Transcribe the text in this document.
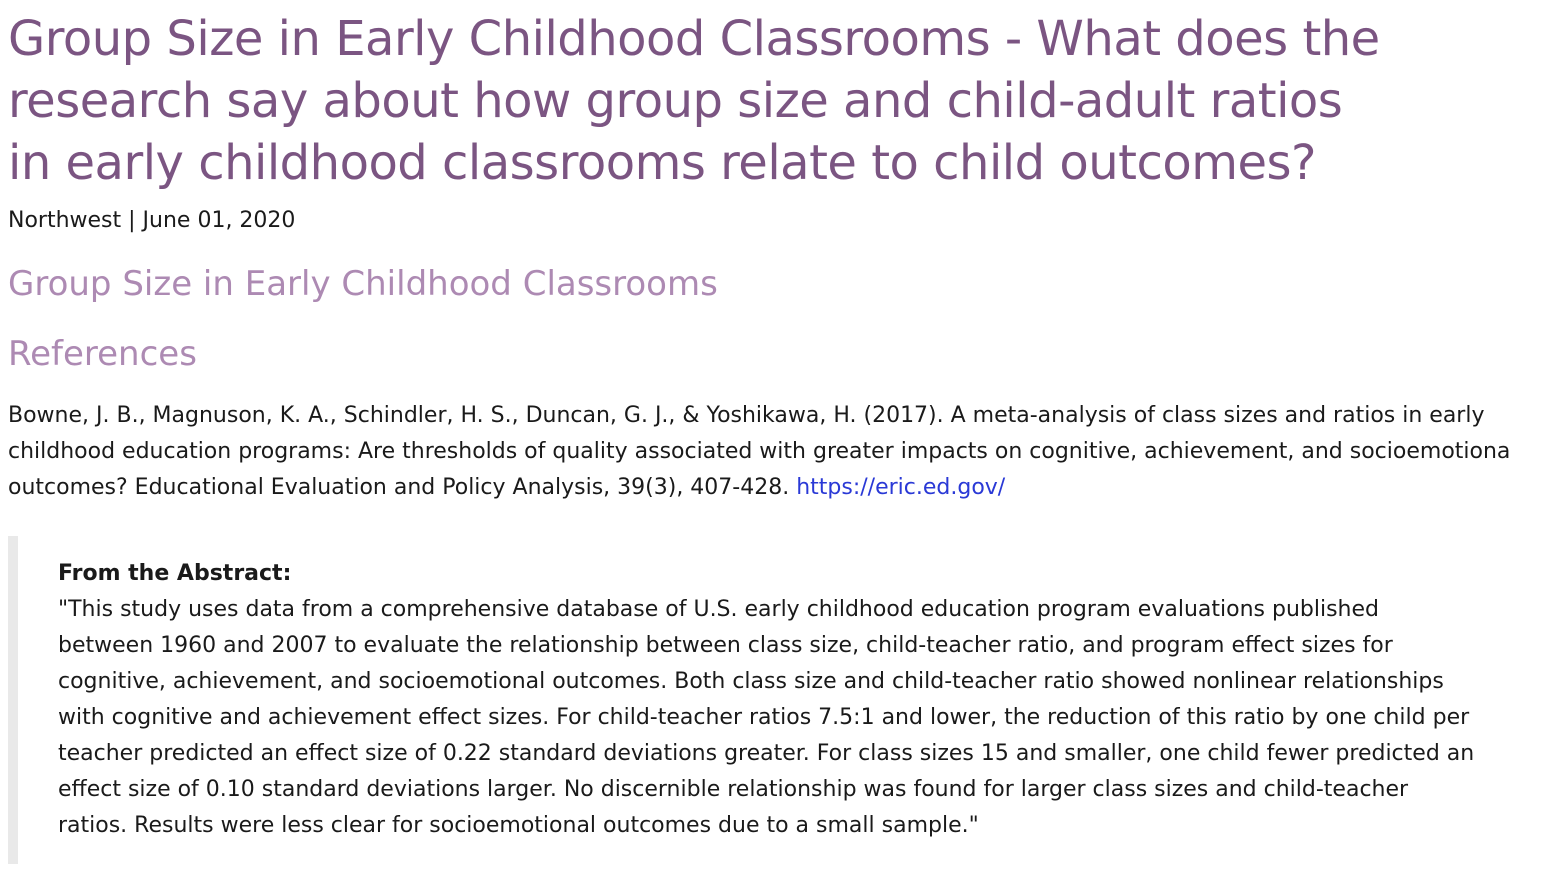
Group Size in Early Childhood Classrooms - What does the
research say about how group size and child-adult ratios
in early childhood classrooms relate to child outcomes?
Northwest | June 01, 2020
Group Size in Early Childhood Classrooms
References

Bowne, J. B., Magnuson, K. A., Schindler, H. S., Duncan, G. J., & Yoshikawa, H. (2017). A meta-analysis of class sizes and ratios in early
childhood education programs: Are thresholds of quality associated with greater impacts on cognitive, achievement, and socioemotiona
outcomes? Educational Evaluation and Policy Analysis, 39(3), 407-428. https://eric.ed.gov/

From the Abstract:
"This study uses data from a comprehensive database of U.S. early childhood education program evaluations published
between 1960 and 2007 to evaluate the relationship between class size, child-teacher ratio, and program effect sizes for
cognitive, achievement, and socioemotional outcomes. Both class size and child-teacher ratio showed nonlinear relationships
with cognitive and achievement effect sizes. For child-teacher ratios 7.5:1 and lower, the reduction of this ratio by one child per
teacher predicted an effect size of 0.22 standard deviations greater. For class sizes 15 and smaller, one child fewer predicted an
effect size of 0.10 standard deviations larger. No discernible relationship was found for larger class sizes and child-teacher
ratios. Results were less clear for socioemotional outcomes due to a small sample."
